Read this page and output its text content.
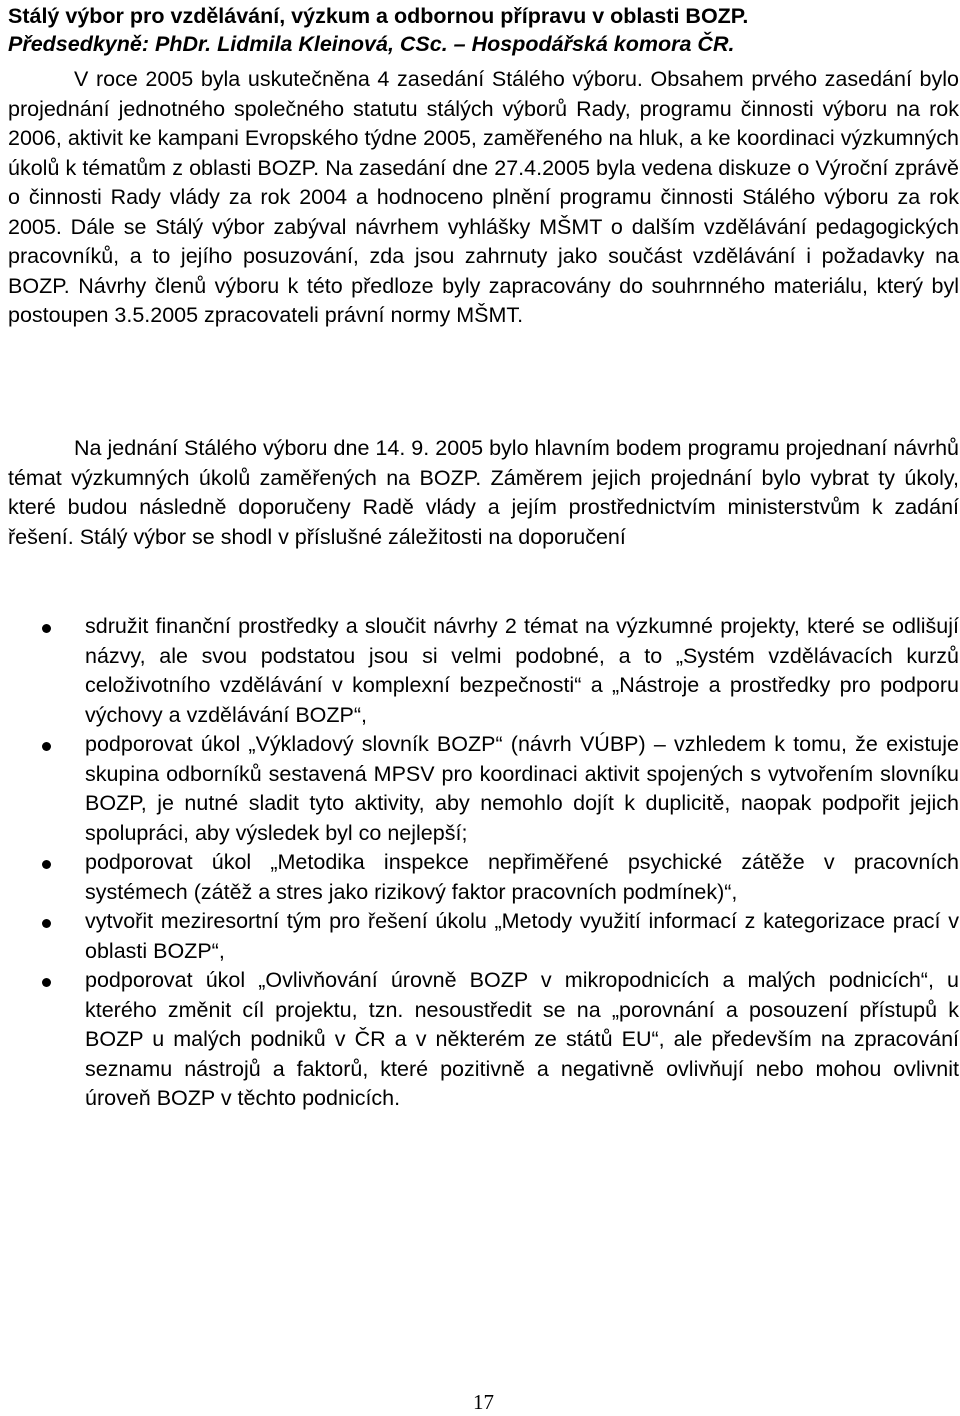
Stálý výbor pro vzdělávání, výzkum a odbornou přípravu v oblasti BOZP.
Předsedkyně: PhDr. Lidmila Kleinová, CSc. – Hospodářská komora ČR.

V roce 2005 byla uskutečněna 4 zasedání Stálého výboru. Obsahem prvého zasedání bylo projednání jednotného společného statutu stálých výborů Rady, programu činnosti výboru na rok 2006, aktivit ke kampani Evropského týdne 2005, zaměřeného na hluk, a ke koordinaci výzkumných úkolů k tématům z oblasti BOZP. Na zasedání dne 27.4.2005 byla vedena diskuze o Výroční zprávě o činnosti Rady vlády za rok 2004 a hodnoceno plnění programu činnosti Stálého výboru za rok 2005. Dále se Stálý výbor zabýval návrhem vyhlášky MŠMT o dalším vzdělávání pedagogických pracovníků, a to jejího posuzování, zda jsou zahrnuty jako součást vzdělávání i požadavky na BOZP. Návrhy členů výboru k této předloze byly zapracovány do souhrnného materiálu, který byl postoupen 3.5.2005 zpracovateli právní normy MŠMT.

Na jednání Stálého výboru dne 14. 9. 2005 bylo hlavním bodem programu projednaní návrhů témat výzkumných úkolů zaměřených na BOZP. Záměrem jejich projednání bylo vybrat ty úkoly, které budou následně doporučeny Radě vlády a jejím prostřednictvím ministerstvům k zadání řešení. Stálý výbor se shodl v příslušné záležitosti na doporučení

sdružit finanční prostředky a sloučit návrhy 2 témat na výzkumné projekty, které se odlišují názvy, ale svou podstatou jsou si velmi podobné, a to „Systém vzdělávacích kurzů celoživotního vzdělávání v komplexní bezpečnosti“ a „Nástroje a prostředky pro podporu výchovy a vzdělávání BOZP“,
podporovat úkol „Výkladový slovník BOZP“ (návrh VÚBP) – vzhledem k tomu, že existuje skupina odborníků sestavená MPSV pro koordinaci aktivit spojených s vytvořením slovníku BOZP, je nutné sladit tyto aktivity, aby nemohlo dojít k duplicitě, naopak podpořit jejich spolupráci, aby výsledek byl co nejlepší;
podporovat úkol „Metodika inspekce nepřiměřené psychické zátěže v pracovních systémech (zátěž a stres jako rizikový faktor pracovních podmínek)“,
vytvořit meziresortní tým pro řešení úkolu „Metody využití informací z kategorizace prací v oblasti BOZP“,
podporovat úkol „Ovlivňování úrovně BOZP v mikropodnicích a malých podnicích“, u kterého změnit cíl projektu, tzn. nesoustředit se na „porovnání a posouzení přístupů k BOZP u malých podniků v ČR a v některém ze států EU“, ale především na zpracování seznamu nástrojů a faktorů, které pozitivně a negativně ovlivňují nebo mohou ovlivnit úroveň BOZP v těchto podnicích.
17
